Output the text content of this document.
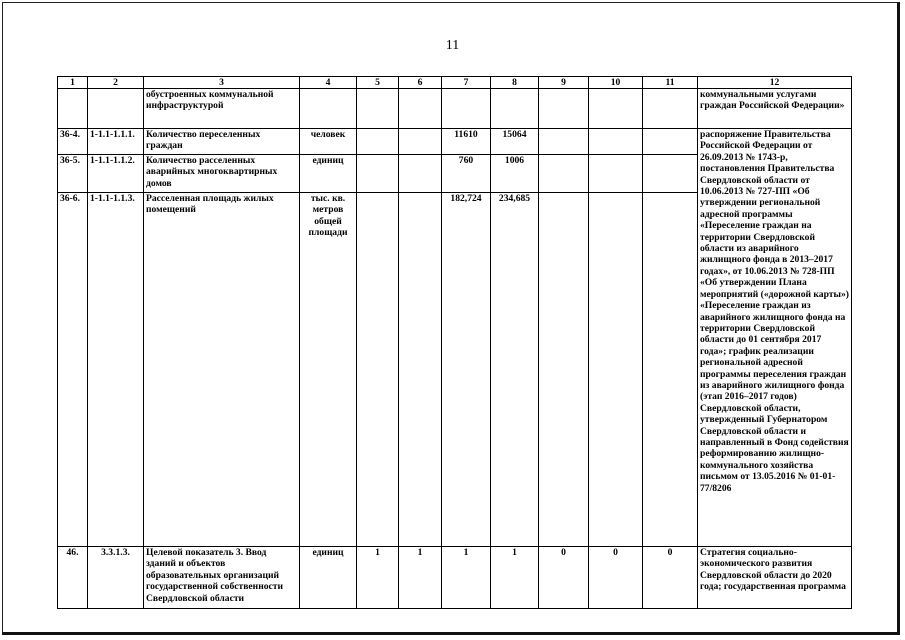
11
1	2	3	4	5	6	7	8	9	10	11	12
		обустроенных коммунальной инфраструктурой									коммунальными услугами граждан Российской Федерации»
36-4.	1-1.1-1.1.1.	Количество переселенных граждан	человек			11610	15064				распоряжение Правительства Российской Федерации от 26.09.2013 № 1743-р, постановления Правительства Свердловской области от 10.06.2013 № 727-ПП «Об утверждении региональной адресной программы «Переселение граждан на территории Свердловской области из аварийного жилищного фонда в 2013–2017 годах», от 10.06.2013 № 728-ПП «Об утверждении Плана мероприятий («дорожной карты») «Переселение граждан из аварийного жилищного фонда на территории Свердловской области до 01 сентября 2017 года»; график реализации региональной адресной программы переселения граждан из аварийного жилищного фонда (этап 2016–2017 годов) Свердловской области, утвержденный Губернатором Свердловской области и направленный в Фонд содействия реформированию жилищно-коммунального хозяйства письмом от 13.05.2016 № 01-01-77/8206
36-5.	1-1.1-1.1.2.	Количество расселенных аварийных многоквартирных домов	единиц			760	1006				
36-6.	1-1.1-1.1.3.	Расселенная площадь жилых помещений	тыс. кв. метров общей площади			182,724	234,685				
46.	3.3.1.3.	Целевой показатель 3. Ввод зданий и объектов образовательных организаций государственной собственности Свердловской области	единиц	1	1	1	1	0	0	0	Стратегия социально-экономического развития Свердловской области до 2020 года; государственная программа
